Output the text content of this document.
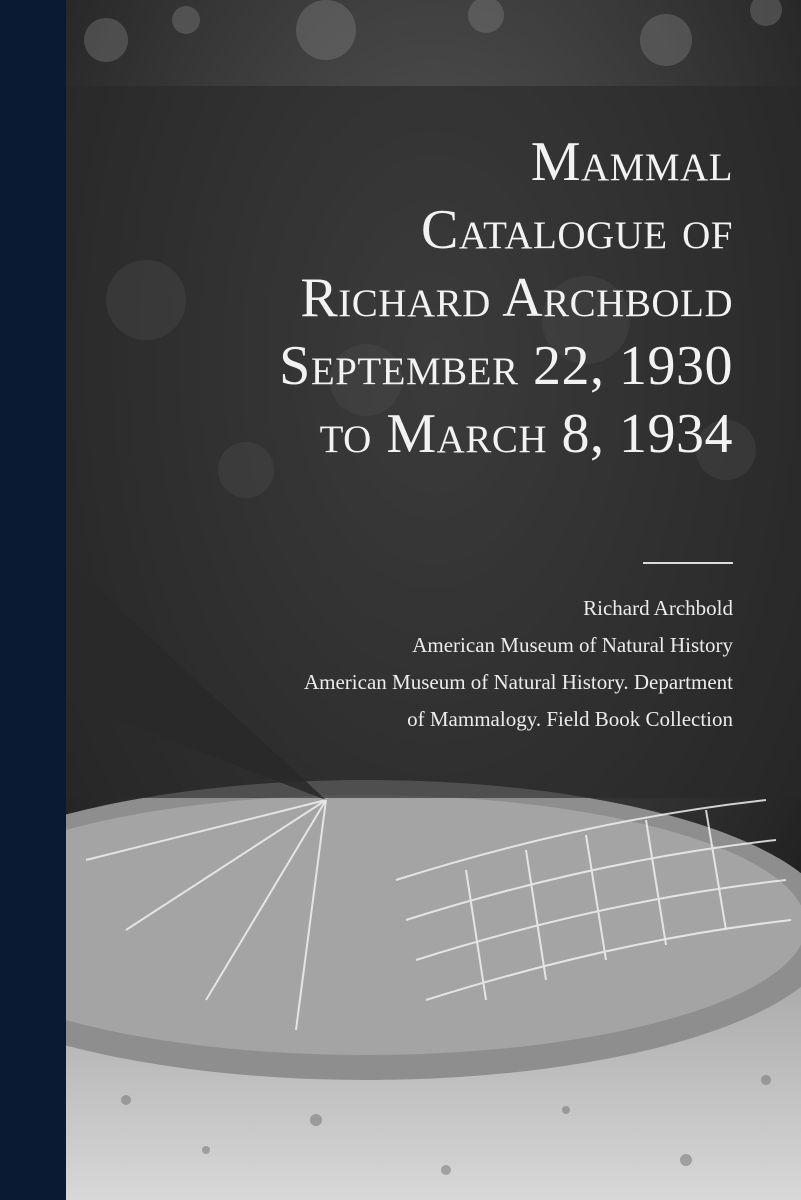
Mammal
Catalogue of
Richard Archbold
September 22, 1930
to March 8, 1934
Richard Archbold
American Museum of Natural History
American Museum of Natural History. Department
of Mammalogy. Field Book Collection
